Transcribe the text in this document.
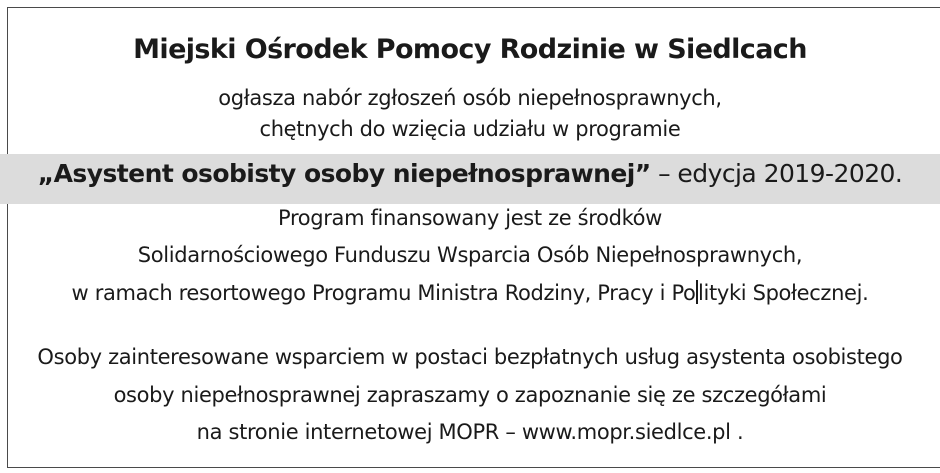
Miejski Ośrodek Pomocy Rodzinie w Siedlcach
ogłasza nabór zgłoszeń osób niepełnosprawnych,
chętnych do wzięcia udziału w programie
„Asystent osobisty osoby niepełnosprawnej” – edycja 2019-2020.
Program finansowany jest ze środków
Solidarnościowego Funduszu Wsparcia Osób Niepełnosprawnych,
w ramach resortowego Programu Ministra Rodziny, Pracy i Po lityki Społecznej.
Osoby zainteresowane wsparciem w postaci bezpłatnych usług asystenta osobistego
osoby niepełnosprawnej zapraszamy o zapoznanie się ze szczegółami
na stronie internetowej MOPR – www.mopr.siedlce.pl .
